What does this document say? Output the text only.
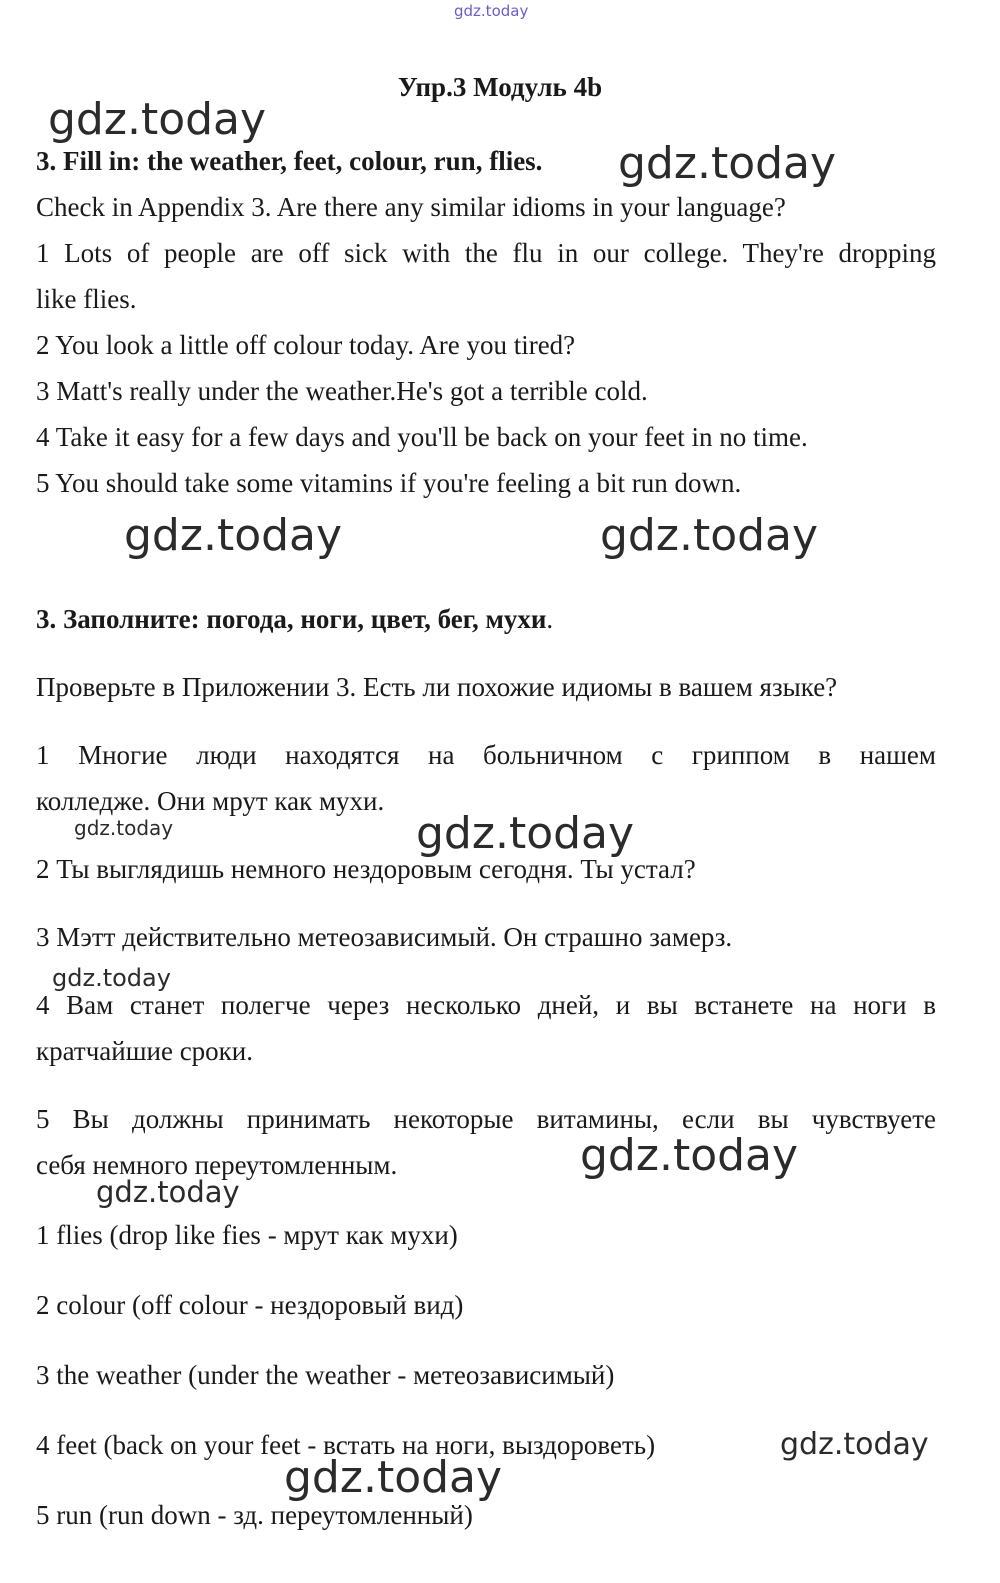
gdz.today
gdz.today
gdz.today
gdz.today	gdz.today
gdz.today	gdz.today
gdz.today
gdz.today
gdz.today
gdz.today
gdz.today
Упр.3 Модуль 4b
3. Fill in: the weather, feet, colour, run, flies.
Check in Appendix 3. Are there any similar idioms in your language?
1 Lots of people are off sick with the flu in our college. They're dropping
like flies.
2 You look a little off colour today. Are you tired?
3 Matt's really under the weather.He's got a terrible cold.
4 Take it easy for a few days and you'll be back on your feet in no time.
5 You should take some vitamins if you're feeling a bit run down.
3. Заполните: погода, ноги, цвет, бег, мухи.
Проверьте в Приложении 3. Есть ли похожие идиомы в вашем языке?
1 Многие люди находятся на больничном с гриппом в нашем
колледже. Они мрут как мухи.
2 Ты выглядишь немного нездоровым сегодня. Ты устал?
3 Мэтт действительно метеозависимый. Он страшно замерз.
4 Вам станет полегче через несколько дней, и вы встанете на ноги в
кратчайшие сроки.
5 Вы должны принимать некоторые витамины, если вы чувствуете
себя немного переутомленным.
1 flies (drop like fies - мрут как мухи)
2 colour (off colour - нездоровый вид)
3 the weather (under the weather - метеозависимый)
4 feet (back on your feet - встать на ноги, выздороветь)
5 run (run down - зд. переутомленный)
